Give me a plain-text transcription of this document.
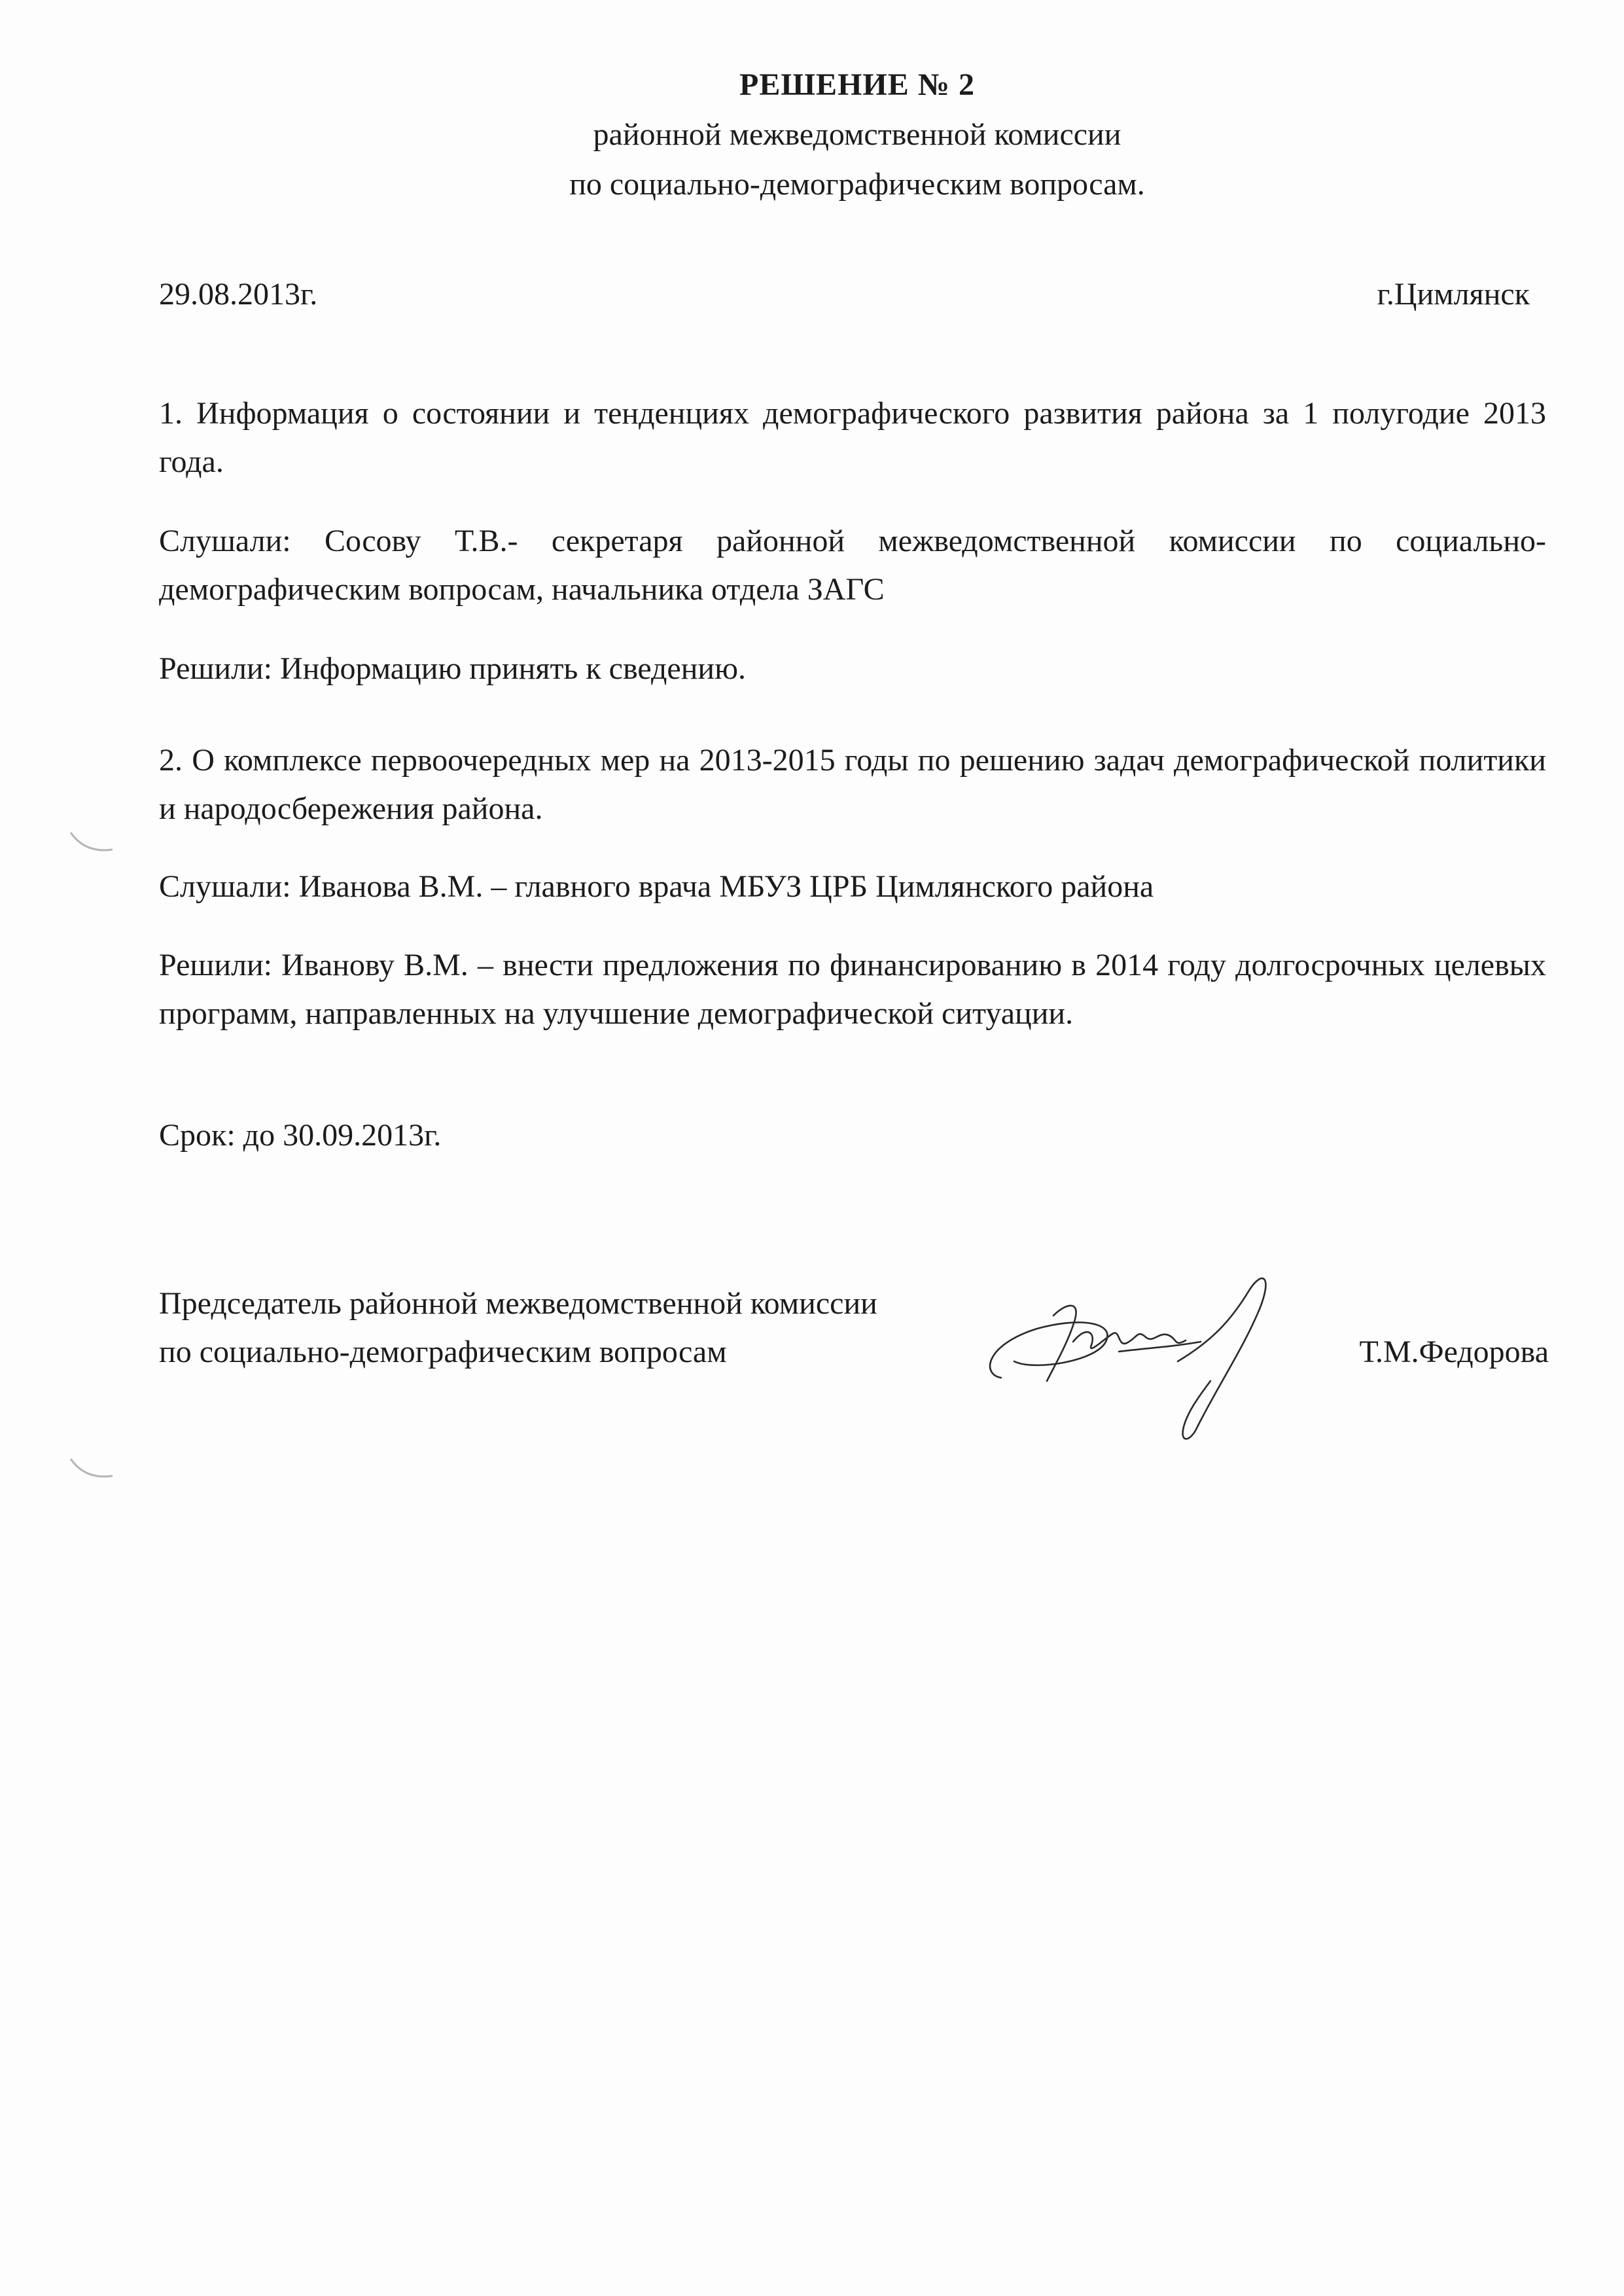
РЕШЕНИЕ № 2
районной межведомственной комиссии
по социально-демографическим вопросам.
29.08.2013г.	г.Цимлянск
1. Информация о состоянии и тенденциях демографического развития района за 1 полугодие 2013 года.
Слушали: Сосову Т.В.- секретаря районной межведомственной комиссии по социально-демографическим вопросам, начальника отдела ЗАГС
Решили: Информацию принять к сведению.
2. О комплексе первоочередных мер на 2013-2015 годы по решению задач демографической политики и народосбережения района.
Слушали: Иванова В.М. – главного врача МБУЗ ЦРБ Цимлянского района
Решили: Иванову В.М. – внести предложения по финансированию в 2014 году долгосрочных целевых программ, направленных на улучшение демографической ситуации.
Срок: до 30.09.2013г.
Председатель районной межведомственной комиссии
по социально-демографическим вопросам	Т.М.Федорова
